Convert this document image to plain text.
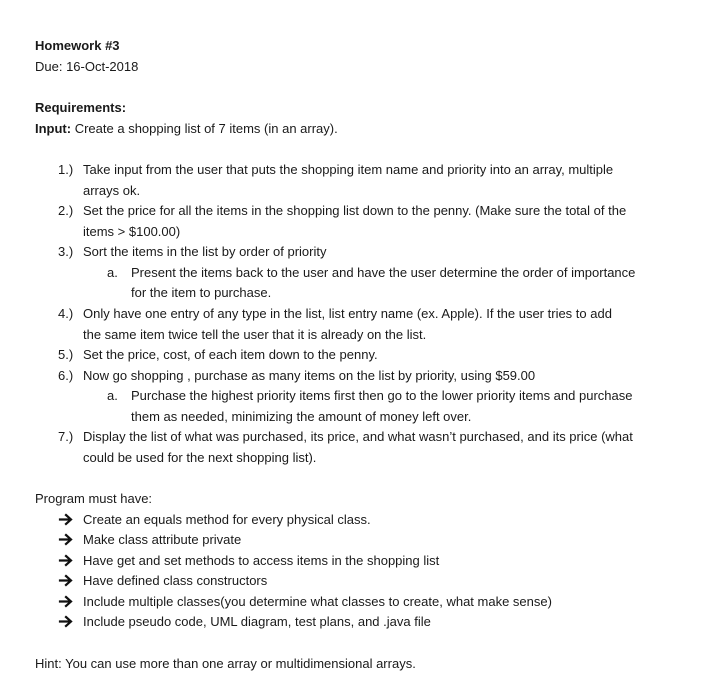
Homework #3
Due: 16-Oct-2018
Requirements:
Input: Create a shopping list of 7 items (in an array).
1.) Take input from the user that puts the shopping item name and priority into an array, multiple
arrays ok.
2.) Set the price for all the items in the shopping list down to the penny. (Make sure the total of the
items > $100.00)
3.) Sort the items in the list by order of priority
a. Present the items back to the user and have the user determine the order of importance
for the item to purchase.
4.) Only have one entry of any type in the list, list entry name (ex. Apple). If the user tries to add
the same item twice tell the user that it is already on the list.
5.) Set the price, cost, of each item down to the penny.
6.) Now go shopping , purchase as many items on the list by priority, using $59.00
a. Purchase the highest priority items first then go to the lower priority items and purchase
them as needed, minimizing the amount of money left over.
7.) Display the list of what was purchased, its price, and what wasn’t purchased, and its price (what
could be used for the next shopping list).
Program must have:
Create an equals method for every physical class.
Make class attribute private
Have get and set methods to access items in the shopping list
Have defined class constructors
Include multiple classes(you determine what classes to create, what make sense)
Include pseudo code, UML diagram, test plans, and .java file
Hint: You can use more than one array or multidimensional arrays.
